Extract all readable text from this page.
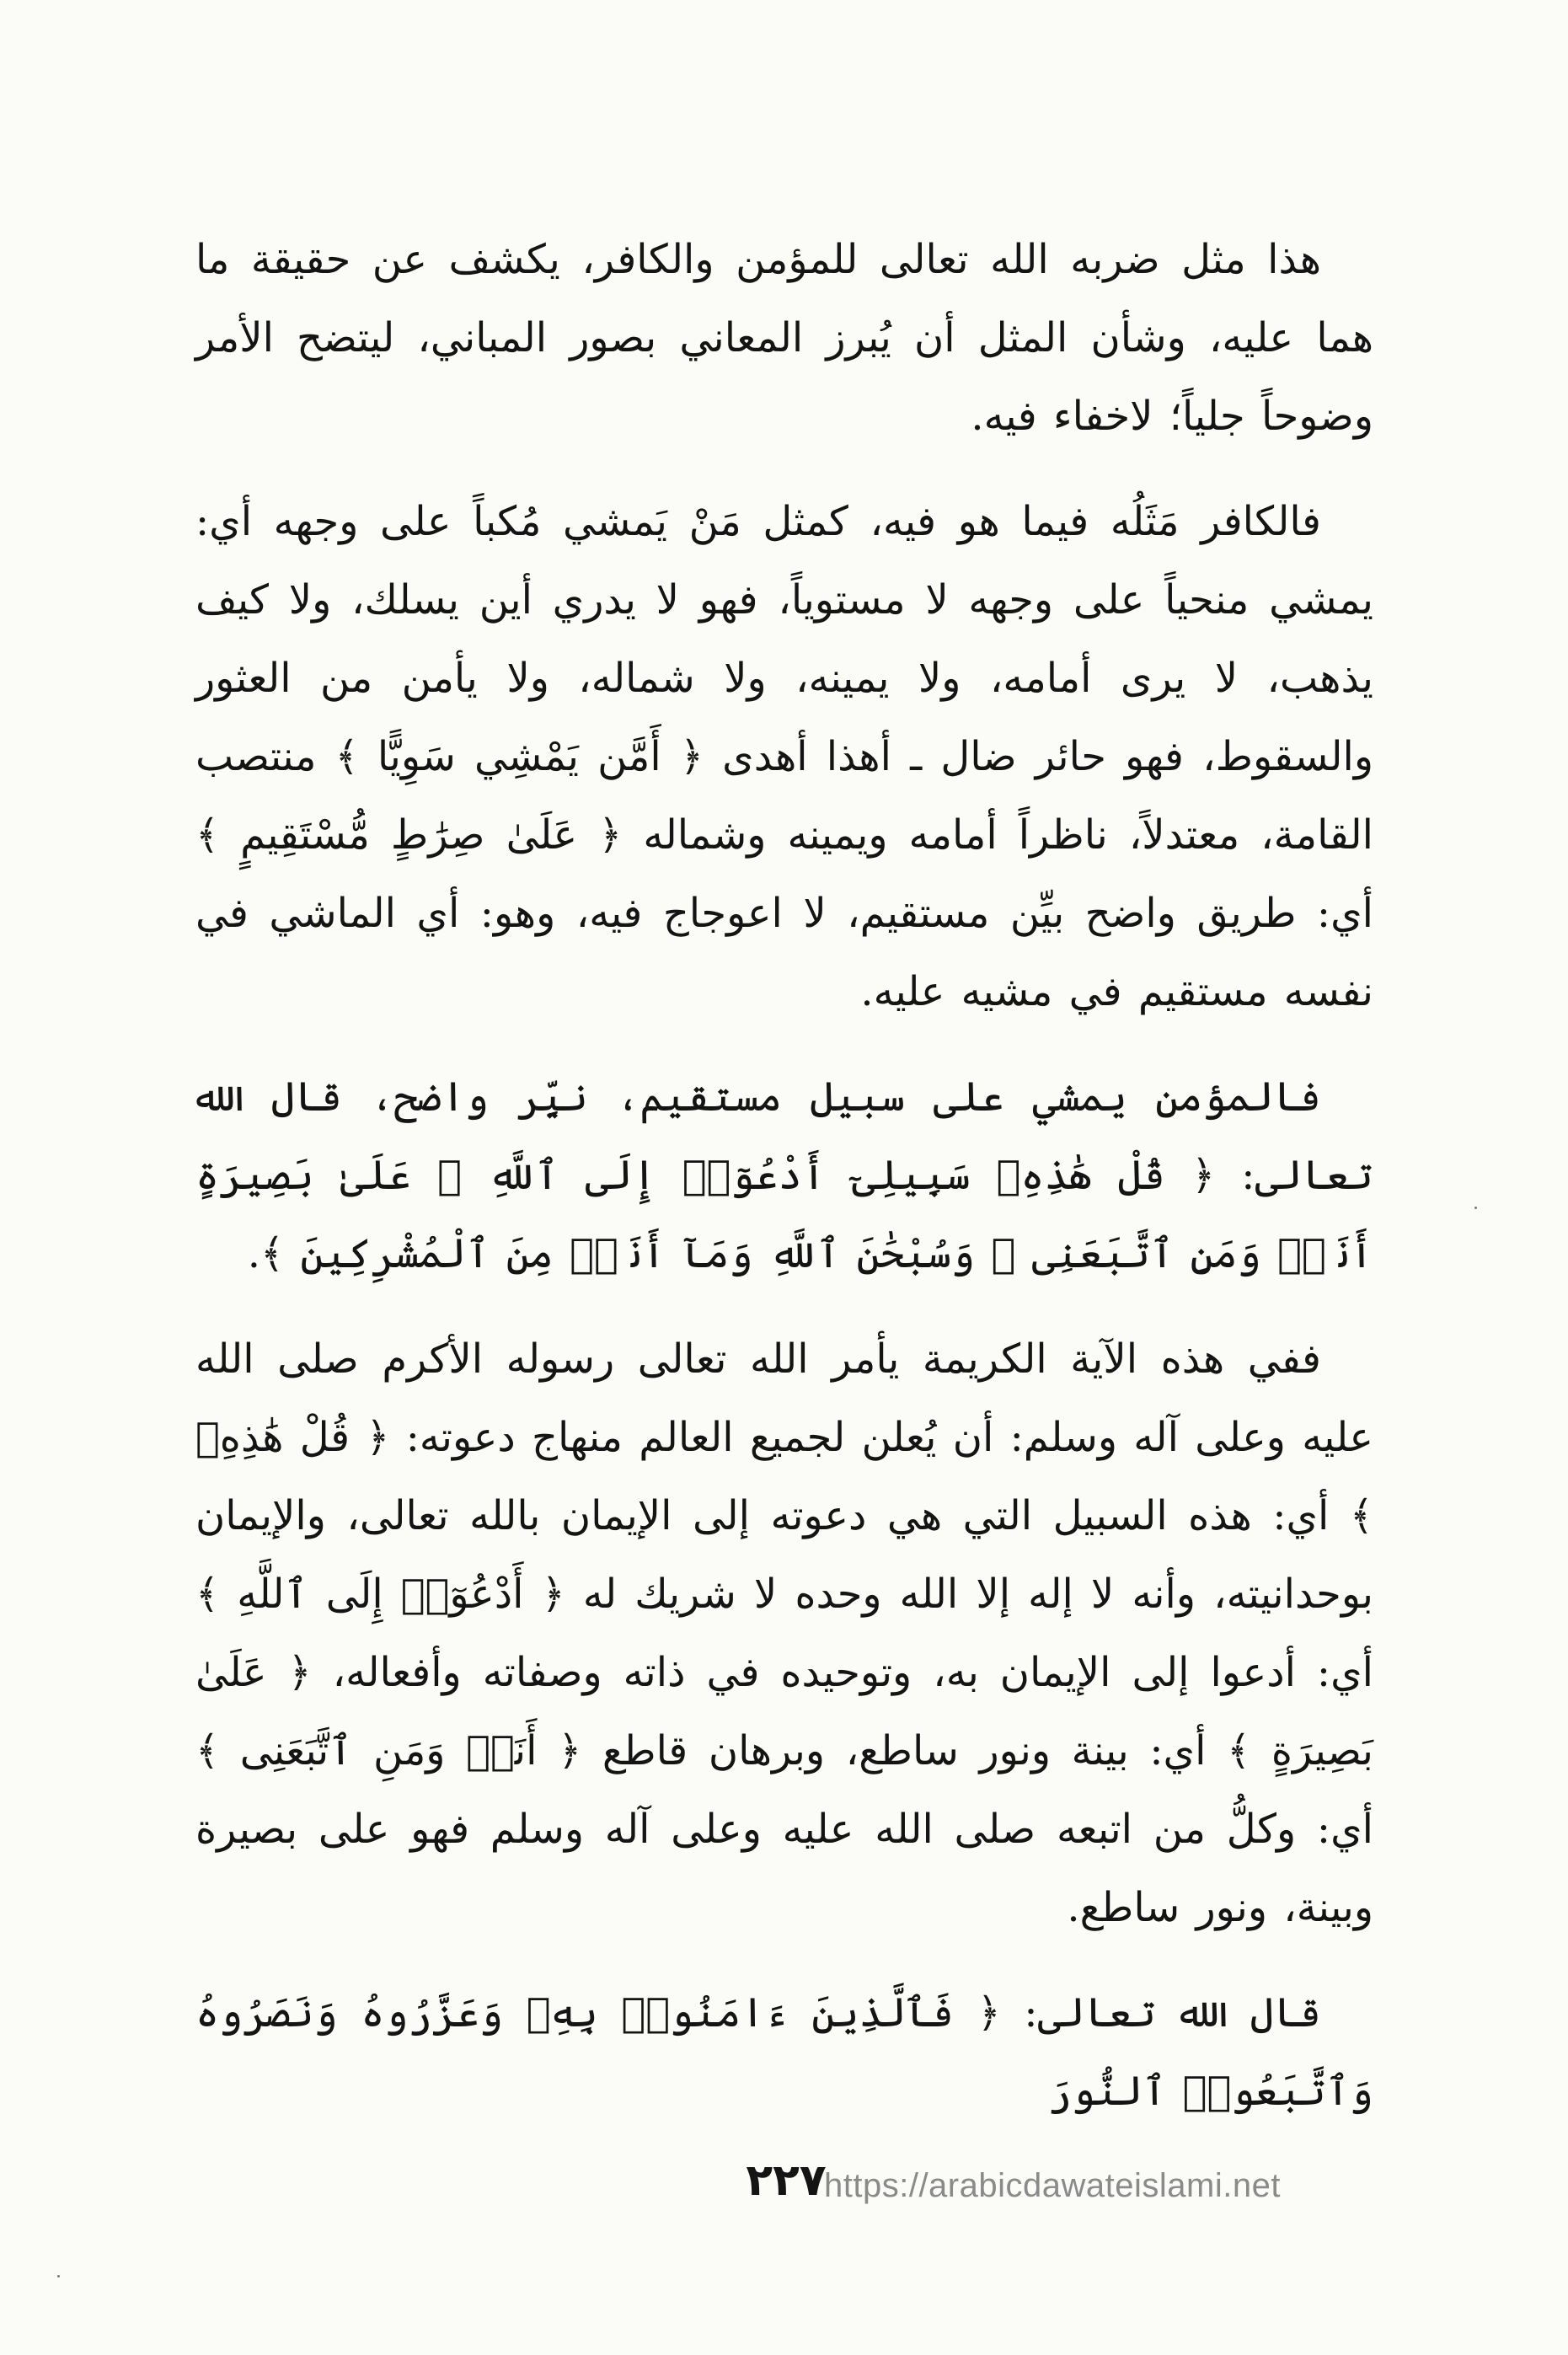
هذا مثل ضربه الله تعالى للمؤمن والكافر، يكشف عن حقيقة ما هما عليه، وشأن المثل أن يُبرز المعاني بصور المباني، ليتضح الأمر وضوحاً جلياً؛ لاخفاء فيه.

فالكافر مَثَلُه فيما هو فيه، كمثل مَنْ يَمشي مُكباً على وجهه أي: يمشي منحياً على وجهه لا مستوياً، فهو لا يدري أين يسلك، ولا كيف يذهب، لا يرى أمامه، ولا يمينه، ولا شماله، ولا يأمن من العثور والسقوط، فهو حائر ضال ـ أهذا أهدى ﴿ أَمَّن يَمْشِي سَوِيًّا ﴾ منتصب القامة، معتدلاً، ناظراً أمامه ويمينه وشماله ﴿ عَلَىٰ صِرَٰطٍ مُّسْتَقِيمٍ ﴾ أي: طريق واضح بيِّن مستقيم، لا اعوجاج فيه، وهو: أي الماشي في نفسه مستقيم في مشيه عليه.

فالمؤمن يمشي على سبيل مستقيم، نيِّر واضح، قال الله تعالى: ﴿ قُلْ هَٰذِهِۦ سَبِيلِىٓ أَدْعُوٓا۟ إِلَى ٱللَّهِ ۚ عَلَىٰ بَصِيرَةٍ أَنَا۠ وَمَنِ ٱتَّبَعَنِى ۖ وَسُبْحَٰنَ ٱللَّهِ وَمَآ أَنَا۠ مِنَ ٱلْمُشْرِكِينَ ﴾.

ففي هذه الآية الكريمة يأمر الله تعالى رسوله الأكرم صلى الله عليه وعلى آله وسلم: أن يُعلن لجميع العالم منهاج دعوته: ﴿ قُلْ هَٰذِهِۦ ﴾ أي: هذه السبيل التي هي دعوته إلى الإيمان بالله تعالى، والإيمان بوحدانيته، وأنه لا إله إلا الله وحده لا شريك له ﴿ أَدْعُوٓا۟ إِلَى ٱللَّهِ ﴾ أي: أدعوا إلى الإيمان به، وتوحيده في ذاته وصفاته وأفعاله، ﴿ عَلَىٰ بَصِيرَةٍ ﴾ أي: بينة ونور ساطع، وبرهان قاطع ﴿ أَنَا۠ وَمَنِ ٱتَّبَعَنِى ﴾ أي: وكلُّ من اتبعه صلى الله عليه وعلى آله وسلم فهو على بصيرة وبينة، ونور ساطع.

قال الله تعالى: ﴿ فَٱلَّذِينَ ءَامَنُوا۟ بِهِۦ وَعَزَّرُوهُ وَنَصَرُوهُ وَٱتَّبَعُوا۟ ٱلنُّورَ

٢٢٧
https://arabicdawateislami.net
